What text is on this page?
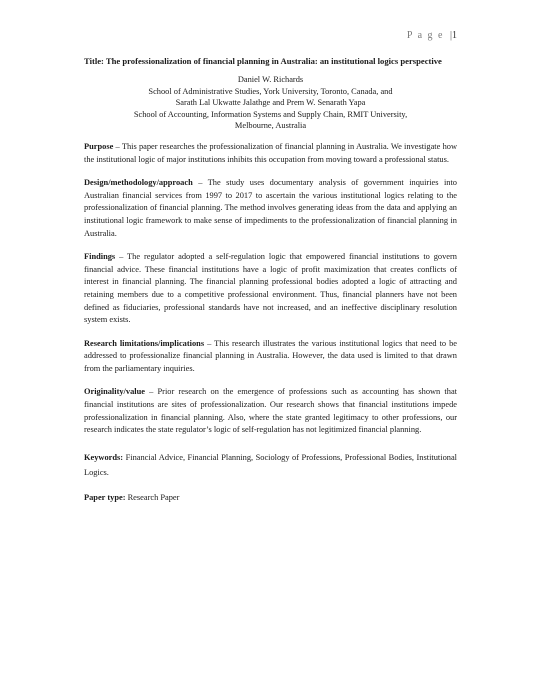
P a g e |1

Title: The professionalization of financial planning in Australia: an institutional logics perspective

Daniel W. Richards
School of Administrative Studies, York University, Toronto, Canada, and
Sarath Lal Ukwatte Jalathge and Prem W. Senarath Yapa
School of Accounting, Information Systems and Supply Chain, RMIT University,
Melbourne, Australia

Purpose – This paper researches the professionalization of financial planning in Australia. We investigate how the institutional logic of major institutions inhibits this occupation from moving toward a professional status.

Design/methodology/approach – The study uses documentary analysis of government inquiries into Australian financial services from 1997 to 2017 to ascertain the various institutional logics relating to the professionalization of financial planning. The method involves generating ideas from the data and applying an institutional logic framework to make sense of impediments to the professionalization of financial planning in Australia.

Findings – The regulator adopted a self-regulation logic that empowered financial institutions to govern financial advice. These financial institutions have a logic of profit maximization that creates conflicts of interest in financial planning. The financial planning professional bodies adopted a logic of attracting and retaining members due to a competitive professional environment. Thus, financial planners have not been defined as fiduciaries, professional standards have not increased, and an ineffective disciplinary resolution system exists.

Research limitations/implications – This research illustrates the various institutional logics that need to be addressed to professionalize financial planning in Australia. However, the data used is limited to that drawn from the parliamentary inquiries.

Originality/value – Prior research on the emergence of professions such as accounting has shown that financial institutions are sites of professionalization. Our research shows that financial institutions impede professionalization in financial planning. Also, where the state granted legitimacy to other professions, our research indicates the state regulator’s logic of self-regulation has not legitimized financial planning.

Keywords: Financial Advice, Financial Planning, Sociology of Professions, Professional Bodies, Institutional Logics.

Paper type: Research Paper
